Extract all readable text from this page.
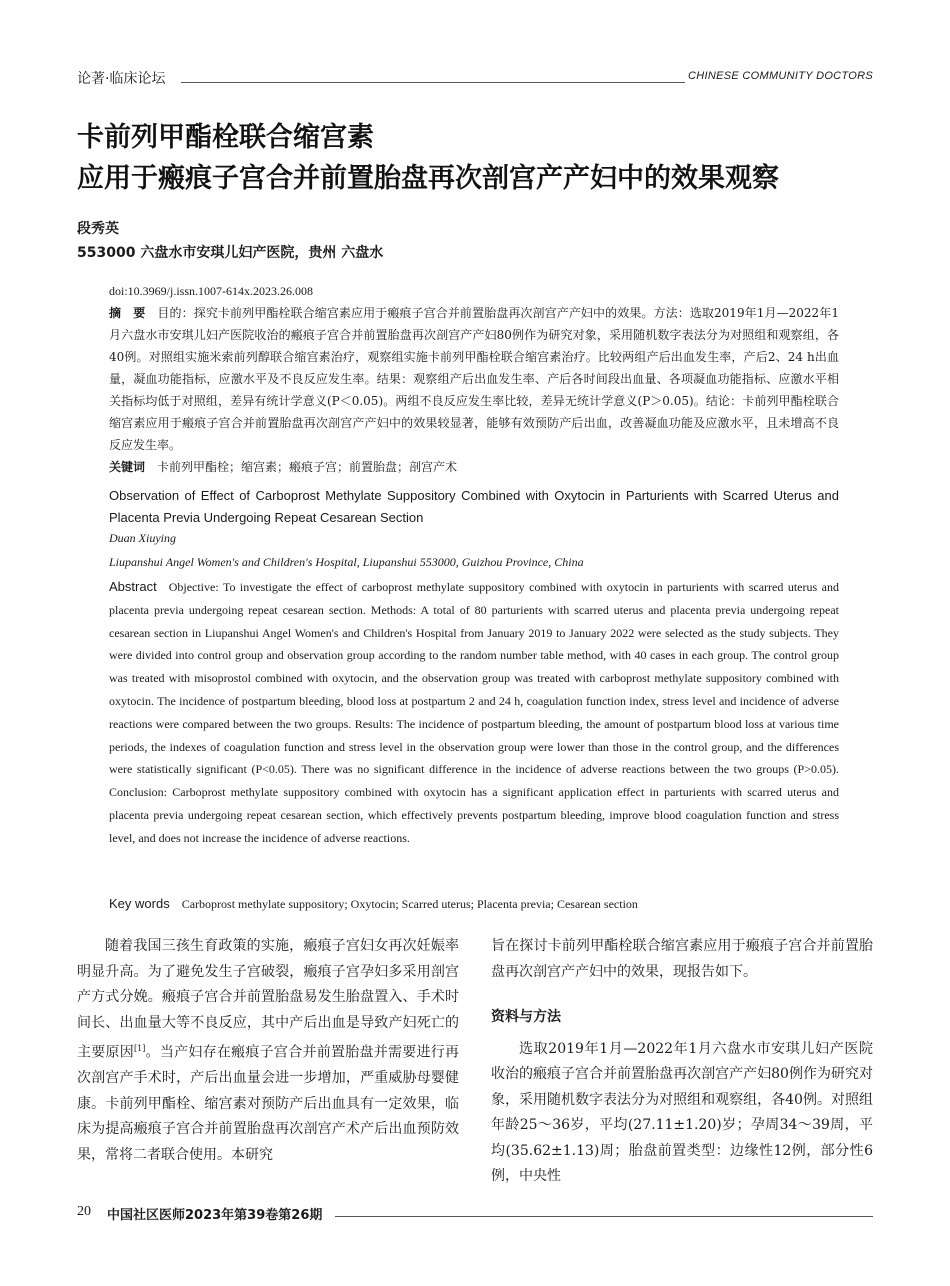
论著·临床论坛	CHINESE COMMUNITY DOCTORS
卡前列甲酯栓联合缩宫素
应用于瘢痕子宫合并前置胎盘再次剖宫产产妇中的效果观察
段秀英
553000 六盘水市安琪儿妇产医院，贵州 六盘水

doi:10.3969/j.issn.1007-614x.2023.26.008

摘　要 目的：探究卡前列甲酯栓联合缩宫素应用于瘢痕子宫合并前置胎盘再次剖宫产产妇中的效果。方法：选取2019年1月—2022年1月六盘水市安琪儿妇产医院收治的瘢痕子宫合并前置胎盘再次剖宫产产妇80例作为研究对象，采用随机数字表法分为对照组和观察组，各40例。对照组实施米索前列醇联合缩宫素治疗，观察组实施卡前列甲酯栓联合缩宫素治疗。比较两组产后出血发生率，产后2、24 h出血量，凝血功能指标，应激水平及不良反应发生率。结果：观察组产后出血发生率、产后各时间段出血量、各项凝血功能指标、应激水平相关指标均低于对照组，差异有统计学意义(P＜0.05)。两组不良反应发生率比较，差异无统计学意义(P＞0.05)。结论：卡前列甲酯栓联合缩宫素应用于瘢痕子宫合并前置胎盘再次剖宫产产妇中的效果较显著，能够有效预防产后出血，改善凝血功能及应激水平，且未增高不良反应发生率。

关键词 卡前列甲酯栓；缩宫素；瘢痕子宫；前置胎盘；剖宫产术

Observation of Effect of Carboprost Methylate Suppository Combined with Oxytocin in Parturients with Scarred Uterus and Placenta Previa Undergoing Repeat Cesarean Section
Duan Xiuying
Liupanshui Angel Women's and Children's Hospital, Liupanshui 553000, Guizhou Province, China

Abstract Objective: To investigate the effect of carboprost methylate suppository combined with oxytocin in parturients with scarred uterus and placenta previa undergoing repeat cesarean section. Methods: A total of 80 parturients with scarred uterus and placenta previa undergoing repeat cesarean section in Liupanshui Angel Women's and Children's Hospital from January 2019 to January 2022 were selected as the study subjects. They were divided into control group and observation group according to the random number table method, with 40 cases in each group. The control group was treated with misoprostol combined with oxytocin, and the observation group was treated with carboprost methylate suppository combined with oxytocin. The incidence of postpartum bleeding, blood loss at postpartum 2 and 24 h, coagulation function index, stress level and incidence of adverse reactions were compared between the two groups. Results: The incidence of postpartum bleeding, the amount of postpartum blood loss at various time periods, the indexes of coagulation function and stress level in the observation group were lower than those in the control group, and the differences were statistically significant (P<0.05). There was no significant difference in the incidence of adverse reactions between the two groups (P>0.05). Conclusion: Carboprost methylate suppository combined with oxytocin has a significant application effect in parturients with scarred uterus and placenta previa undergoing repeat cesarean section, which effectively prevents postpartum bleeding, improve blood coagulation function and stress level, and does not increase the incidence of adverse reactions.

Key words Carboprost methylate suppository; Oxytocin; Scarred uterus; Placenta previa; Cesarean section

随着我国三孩生育政策的实施，瘢痕子宫妇女再次妊娠率明显升高。为了避免发生子宫破裂，瘢痕子宫孕妇多采用剖宫产方式分娩。瘢痕子宫合并前置胎盘易发生胎盘置入、手术时间长、出血量大等不良反应，其中产后出血是导致产妇死亡的主要原因[1]。当产妇存在瘢痕子宫合并前置胎盘并需要进行再次剖宫产手术时，产后出血量会进一步增加，严重威胁母婴健康。卡前列甲酯栓、缩宫素对预防产后出血具有一定效果，临床为提高瘢痕子宫合并前置胎盘再次剖宫产术产后出血预防效果，常将二者联合使用。本研究

旨在探讨卡前列甲酯栓联合缩宫素应用于瘢痕子宫合并前置胎盘再次剖宫产产妇中的效果，现报告如下。

资料与方法

选取2019年1月—2022年1月六盘水市安琪儿妇产医院收治的瘢痕子宫合并前置胎盘再次剖宫产产妇80例作为研究对象，采用随机数字表法分为对照组和观察组，各40例。对照组年龄25～36岁，平均(27.11±1.20)岁；孕周34～39周，平均(35.62±1.13)周；胎盘前置类型：边缘性12例，部分性6例，中央性

20 中国社区医师2023年第39卷第26期
